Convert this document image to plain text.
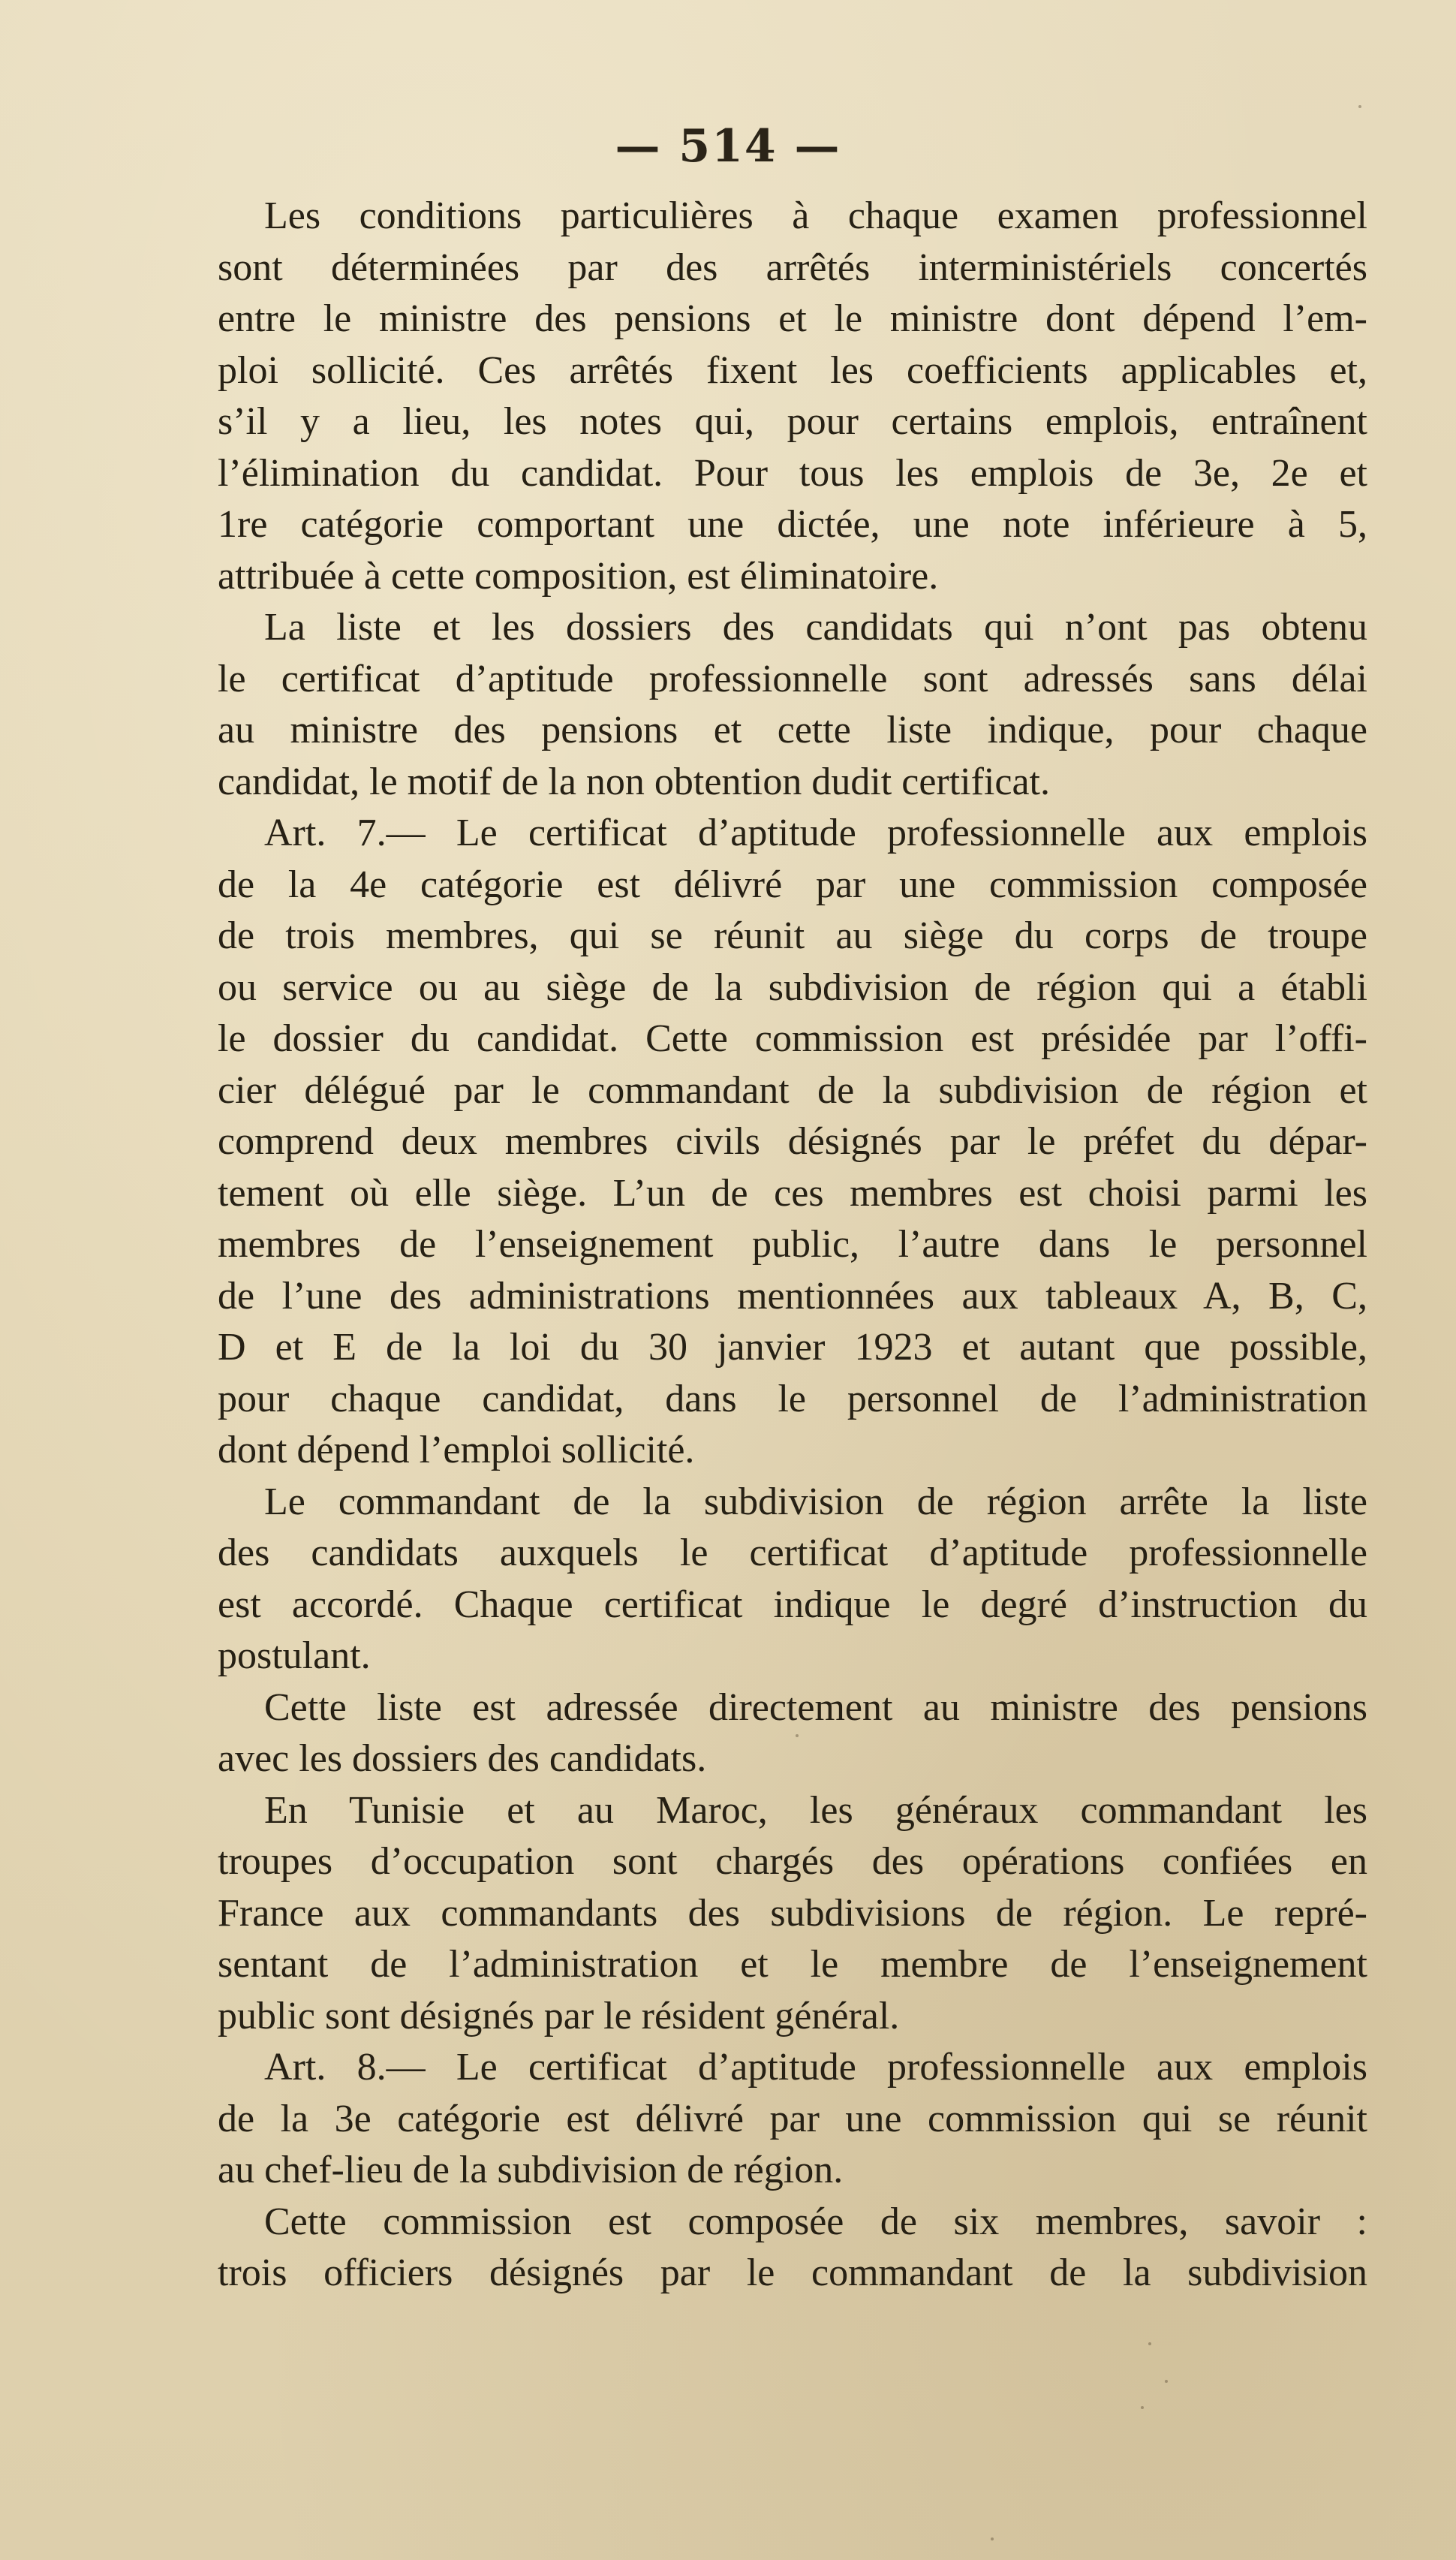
— 514 —
Les conditions particulières à chaque examen professionnel
sont déterminées par des arrêtés interministériels concertés
entre le ministre des pensions et le ministre dont dépend l’em-
ploi sollicité. Ces arrêtés fixent les coefficients applicables et,
s’il y a lieu, les notes qui, pour certains emplois, entraînent
l’élimination du candidat. Pour tous les emplois de 3e, 2e et
1re catégorie comportant une dictée, une note inférieure à 5,
attribuée à cette composition, est éliminatoire.
La liste et les dossiers des candidats qui n’ont pas obtenu
le certificat d’aptitude professionnelle sont adressés sans délai
au ministre des pensions et cette liste indique, pour chaque
candidat, le motif de la non obtention dudit certificat.
Art. 7.— Le certificat d’aptitude professionnelle aux emplois
de la 4e catégorie est délivré par une commission composée
de trois membres, qui se réunit au siège du corps de troupe
ou service ou au siège de la subdivision de région qui a établi
le dossier du candidat. Cette commission est présidée par l’offi-
cier délégué par le commandant de la subdivision de région et
comprend deux membres civils désignés par le préfet du dépar-
tement où elle siège. L’un de ces membres est choisi parmi les
membres de l’enseignement public, l’autre dans le personnel
de l’une des administrations mentionnées aux tableaux A, B, C,
D et E de la loi du 30 janvier 1923 et autant que possible,
pour chaque candidat, dans le personnel de l’administration
dont dépend l’emploi sollicité.
Le commandant de la subdivision de région arrête la liste
des candidats auxquels le certificat d’aptitude professionnelle
est accordé. Chaque certificat indique le degré d’instruction du
postulant.
Cette liste est adressée directement au ministre des pensions
avec les dossiers des candidats.
En Tunisie et au Maroc, les généraux commandant les
troupes d’occupation sont chargés des opérations confiées en
France aux commandants des subdivisions de région. Le repré-
sentant de l’administration et le membre de l’enseignement
public sont désignés par le résident général.
Art. 8.— Le certificat d’aptitude professionnelle aux emplois
de la 3e catégorie est délivré par une commission qui se réunit
au chef-lieu de la subdivision de région.
Cette commission est composée de six membres, savoir :
trois officiers désignés par le commandant de la subdivision
